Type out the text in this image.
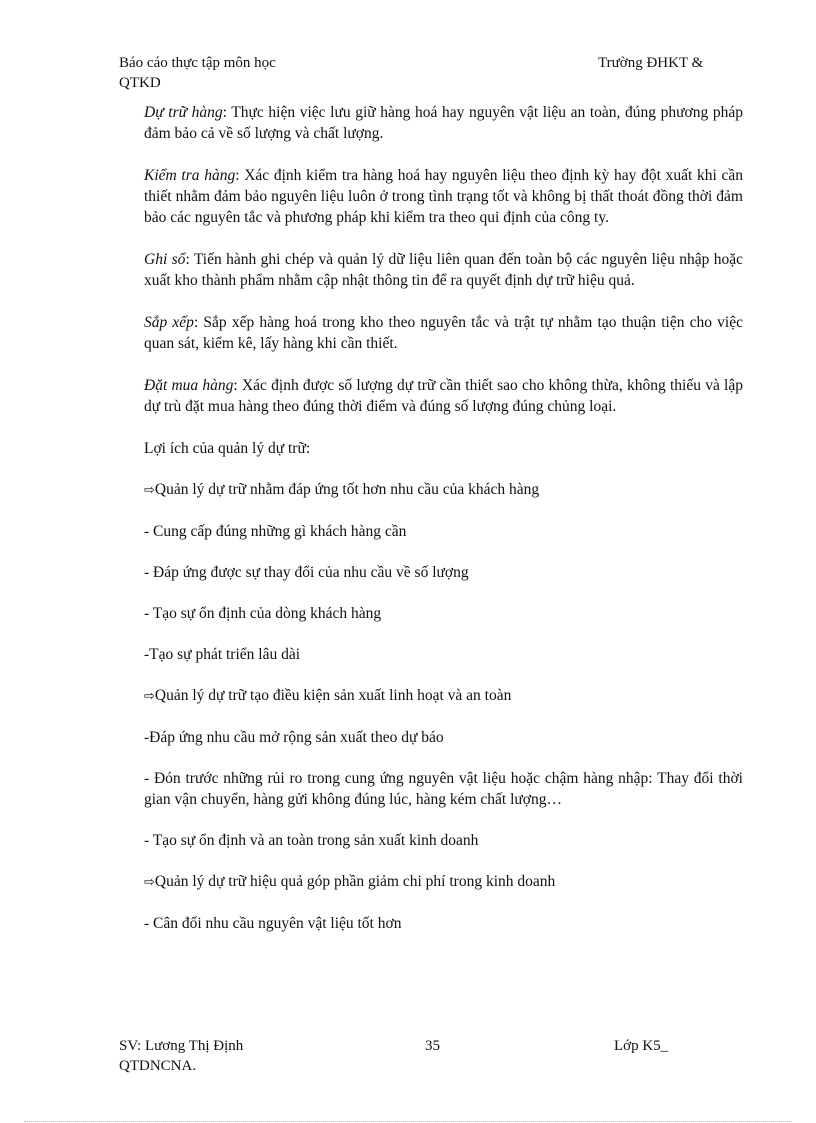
Báo cáo thực tập môn học	Trường ĐHKT &
QTKD

Dự trữ hàng: Thực hiện việc lưu giữ hàng hoá hay nguyên vật liệu an toàn, đúng phương pháp đảm bảo cả về số lượng và chất lượng.

Kiểm tra hàng: Xác định kiểm tra hàng hoá hay nguyên liệu theo định kỳ hay đột xuất khi cần thiết nhằm đảm bảo nguyên liệu luôn ở trong tình trạng tốt và không bị thất thoát đồng thời đảm bảo các nguyên tắc và phương pháp khi kiểm tra theo qui định của công ty.

Ghi sổ: Tiến hành ghi chép và quản lý dữ liệu liên quan đến toàn bộ các nguyên liệu nhập hoặc xuất kho thành phẩm nhằm cập nhật thông tin để ra quyết định dự trữ hiệu quả.

Sắp xếp: Sắp xếp hàng hoá trong kho theo nguyên tắc và trật tự nhằm tạo thuận tiện cho việc quan sát, kiểm kê, lấy hàng khi cần thiết.

Đặt mua hàng: Xác định được số lượng dự trữ cần thiết sao cho không thừa, không thiếu và lập dự trù đặt mua hàng theo đúng thời điểm và đúng số lượng đúng chủng loại.

Lợi ích của quản lý dự trữ:

⇨Quản lý dự trữ nhằm đáp ứng tốt hơn nhu cầu của khách hàng

- Cung cấp đúng những gì khách hàng cần

- Đáp ứng được sự thay đổi của nhu cầu về số lượng

- Tạo sự ổn định của dòng khách hàng

-Tạo sự phát triển lâu dài

⇨Quản lý dự trữ tạo điều kiện sản xuất linh hoạt và an toàn

-Đáp ứng nhu cầu mở rộng sản xuất theo dự báo

- Đón trước những rủi ro trong cung ứng nguyên vật liệu hoặc chậm hàng nhập: Thay đổi thời gian vận chuyển, hàng gửi không đúng lúc, hàng kém chất lượng…

- Tạo sự ổn định và an toàn trong sản xuất kinh doanh

⇨Quản lý dự trữ hiệu quả góp phần giảm chi phí trong kinh doanh

- Cân đối nhu cầu nguyên vật liệu tốt hơn

SV: Lương Thị Định	35	Lớp K5_
QTDNCNA.
